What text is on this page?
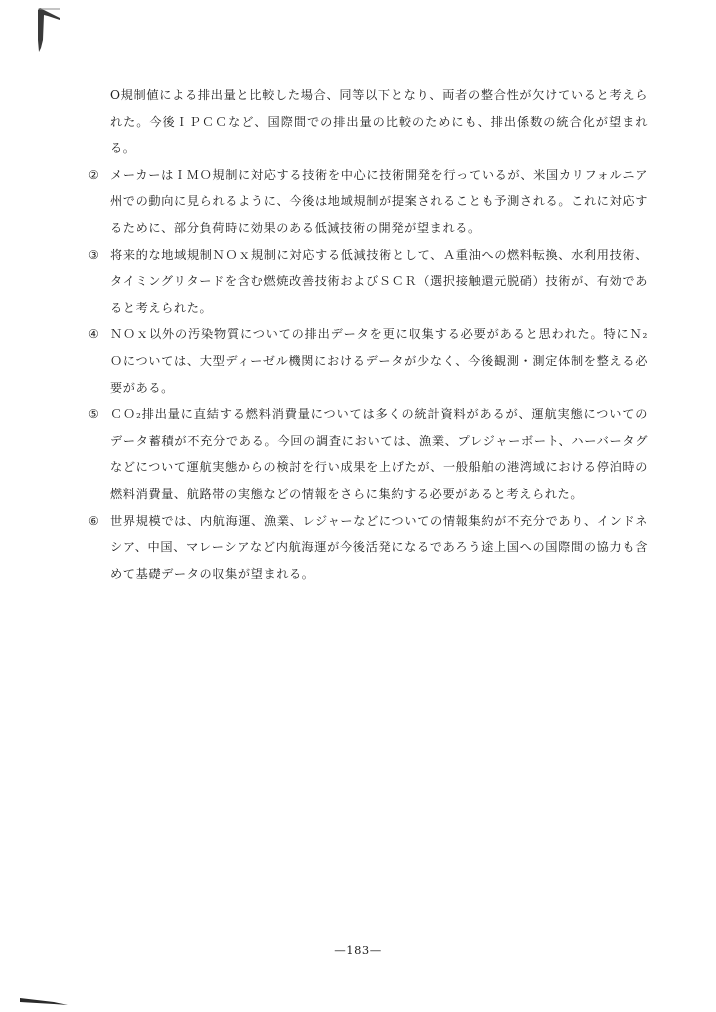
O規制値による排出量と比較した場合、同等以下となり、両者の整合性が欠けていると考えられた。今後ＩＰＣＣなど、国際間での排出量の比較のためにも、排出係数の統合化が望まれる。

② メーカーはＩＭＯ規制に対応する技術を中心に技術開発を行っているが、米国カリフォルニア州での動向に見られるように、今後は地域規制が提案されることも予測される。これに対応するために、部分負荷時に効果のある低減技術の開発が望まれる。

③ 将来的な地域規制ＮＯｘ規制に対応する低減技術として、Ａ重油への燃料転換、水利用技術、タイミングリタードを含む燃焼改善技術およびＳＣＲ（選択接触還元脱硝）技術が、有効であると考えられた。

④ ＮＯｘ以外の汚染物質についての排出データを更に収集する必要があると思われた。特にＮ₂Ｏについては、大型ディーゼル機関におけるデータが少なく、今後観測・測定体制を整える必要がある。

⑤ ＣＯ₂排出量に直結する燃料消費量については多くの統計資料があるが、運航実態についてのデータ蓄積が不充分である。今回の調査においては、漁業、プレジャーボート、ハーバータグなどについて運航実態からの検討を行い成果を上げたが、一般船舶の港湾域における停泊時の燃料消費量、航路帯の実態などの情報をさらに集約する必要があると考えられた。

⑥ 世界規模では、内航海運、漁業、レジャーなどについての情報集約が不充分であり、インドネシア、中国、マレーシアなど内航海運が今後活発になるであろう途上国への国際間の協力も含めて基礎データの収集が望まれる。

—183—
